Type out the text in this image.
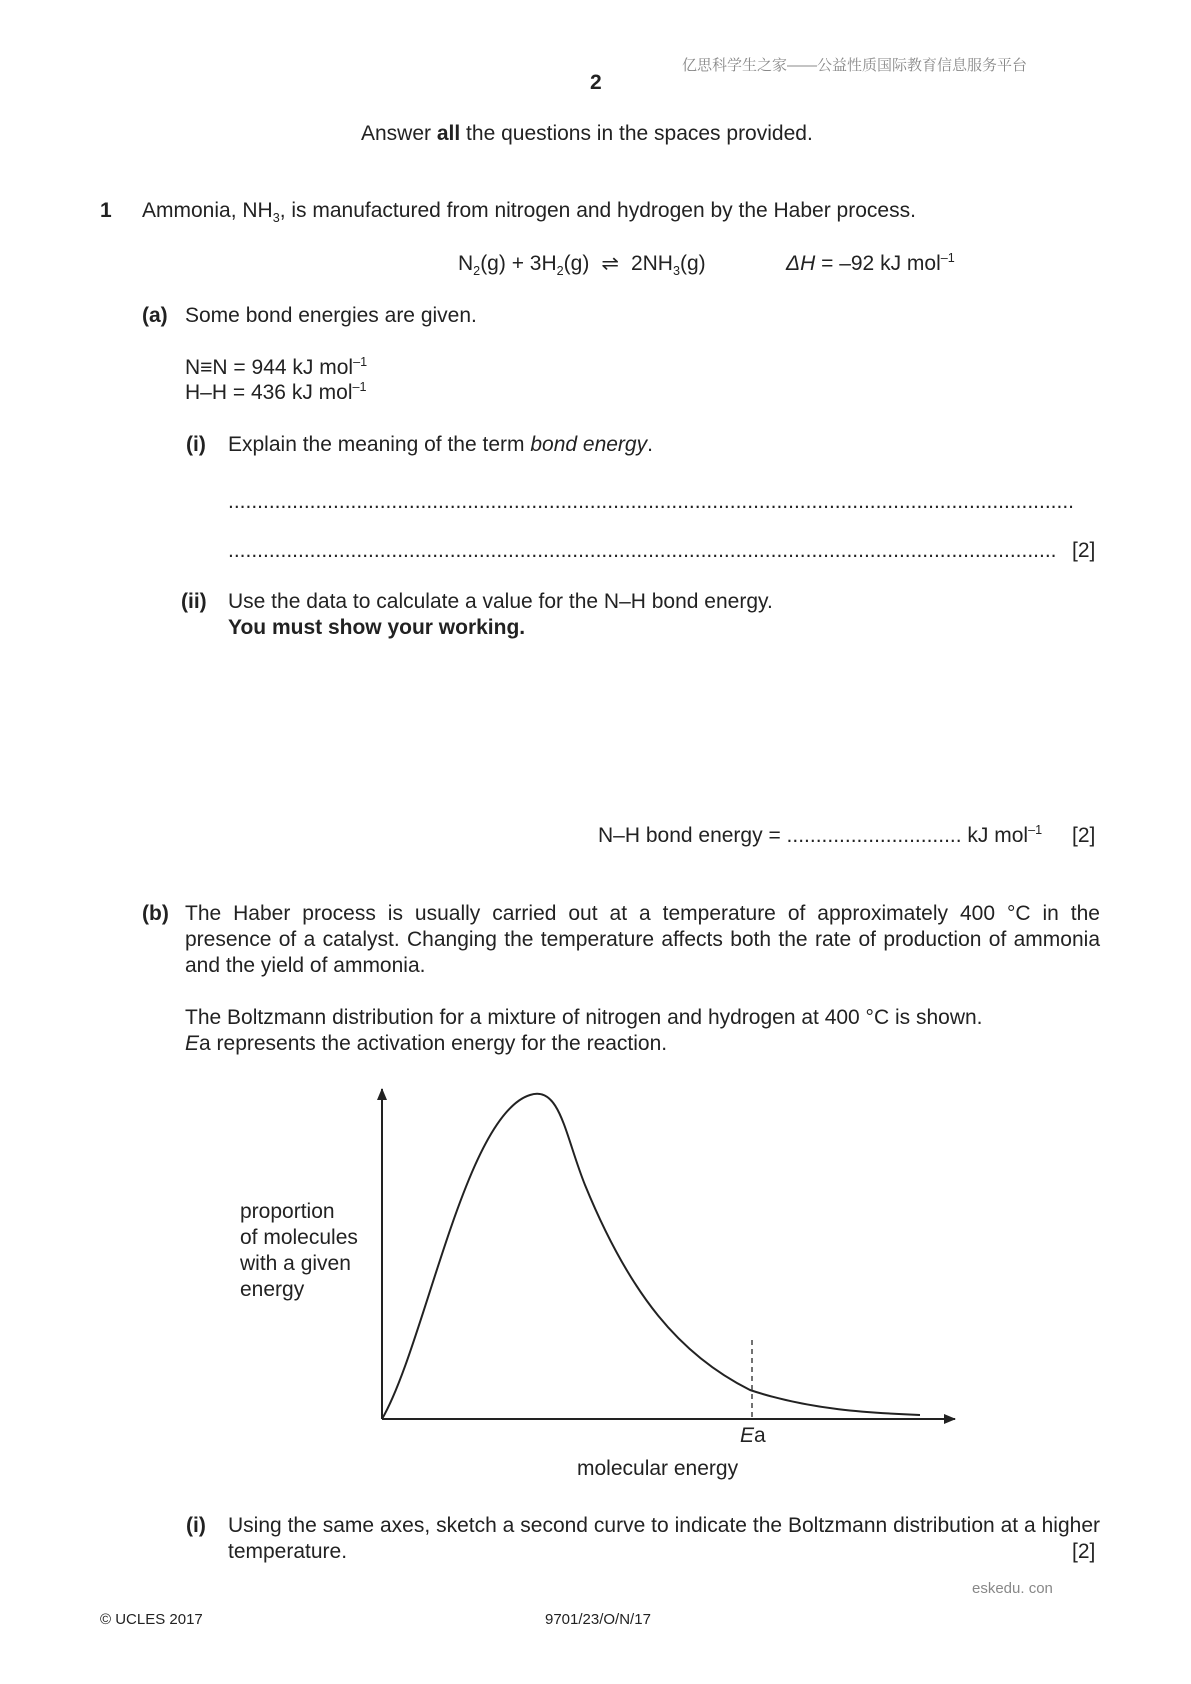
亿思科学生之家——公益性质国际教育信息服务平台
2
Answer all the questions in the spaces provided.
1 Ammonia, $NH_3$, is manufactured from nitrogen and hydrogen by the Haber process.
$N_2(g) + 3H_2(g)$ ⇌ $2NH_3(g)$	ΔH = –92 kJ mol$^{-1}$
(a) Some bond energies are given.
N≡N = 944 kJ mol$^{-1}$
H–H = 436 kJ mol$^{-1}$
(i) Explain the meaning of the term bond energy.
.................................................................................................................................................
.............................................................................................................................................. [2]
(ii) Use the data to calculate a value for the N–H bond energy.
You must show your working.
N–H bond energy = .............................. kJ mol$^{-1}$ [2]
(b) The Haber process is usually carried out at a temperature of approximately 400 °C in the presence of a catalyst. Changing the temperature affects both the rate of production of ammonia and the yield of ammonia.
The Boltzmann distribution for a mixture of nitrogen and hydrogen at 400 °C is shown.
Ea represents the activation energy for the reaction.
proportion
of molecules
with a given
energy
Ea
molecular energy
(i) Using the same axes, sketch a second curve to indicate the Boltzmann distribution at a higher temperature.	[2]
eskedu. con
© UCLES 2017	9701/23/O/N/17
